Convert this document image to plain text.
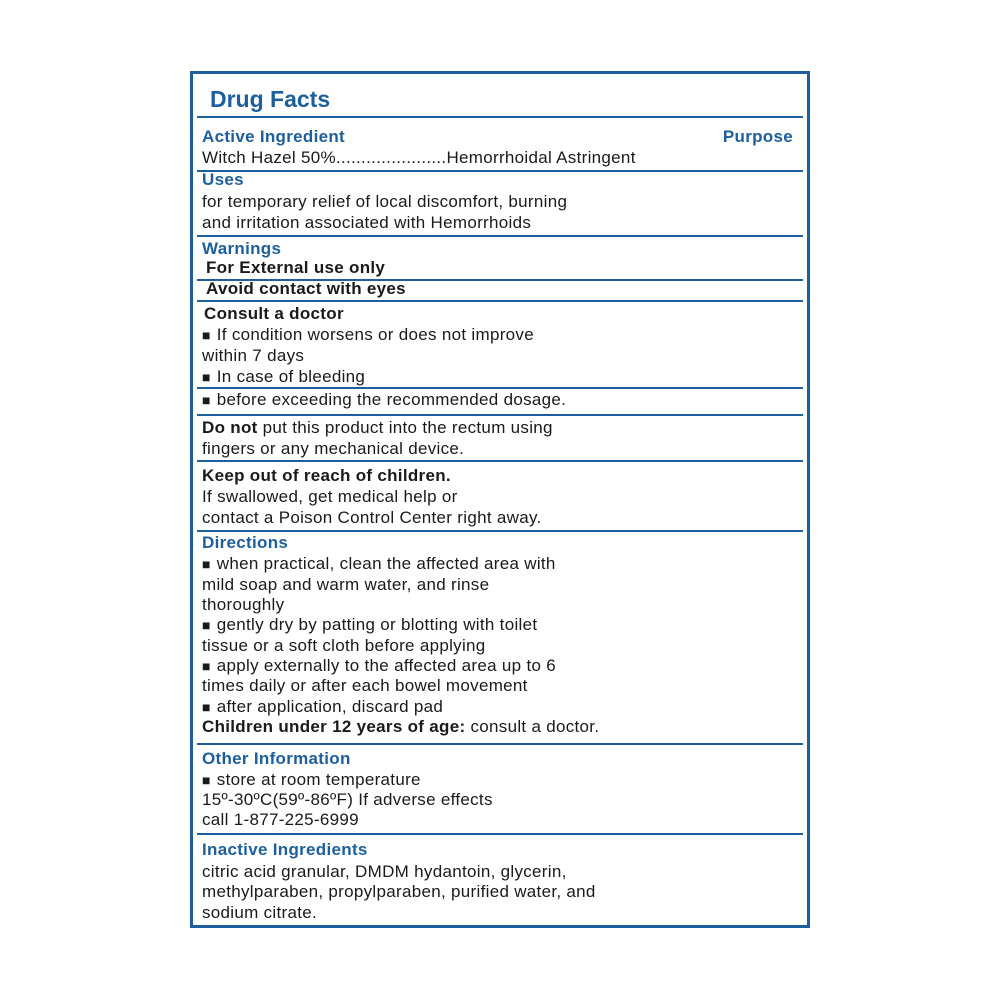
Drug Facts
Active Ingredient	Purpose
Witch Hazel 50%......................Hemorrhoidal Astringent
Uses
for temporary relief of local discomfort, burning
and irritation associated with Hemorrhoids
Warnings
For External use only
Avoid contact with eyes
Consult a doctor
■ If condition worsens or does not improve
within 7 days
■ In case of bleeding
■ before exceeding the recommended dosage.
Do not put this product into the rectum using
fingers or any mechanical device.
Keep out of reach of children.
If swallowed, get medical help or
contact a Poison Control Center right away.
Directions
■ when practical, clean the affected area with
mild soap and warm water, and rinse
thoroughly
■ gently dry by patting or blotting with toilet
tissue or a soft cloth before applying
■ apply externally to the affected area up to 6
times daily or after each bowel movement
■ after application, discard pad
Children under 12 years of age: consult a doctor.
Other Information
■ store at room temperature
15º-30ºC(59º-86ºF) If adverse effects
call 1-877-225-6999
Inactive Ingredients
citric acid granular, DMDM hydantoin, glycerin,
methylparaben, propylparaben, purified water, and
sodium citrate.
